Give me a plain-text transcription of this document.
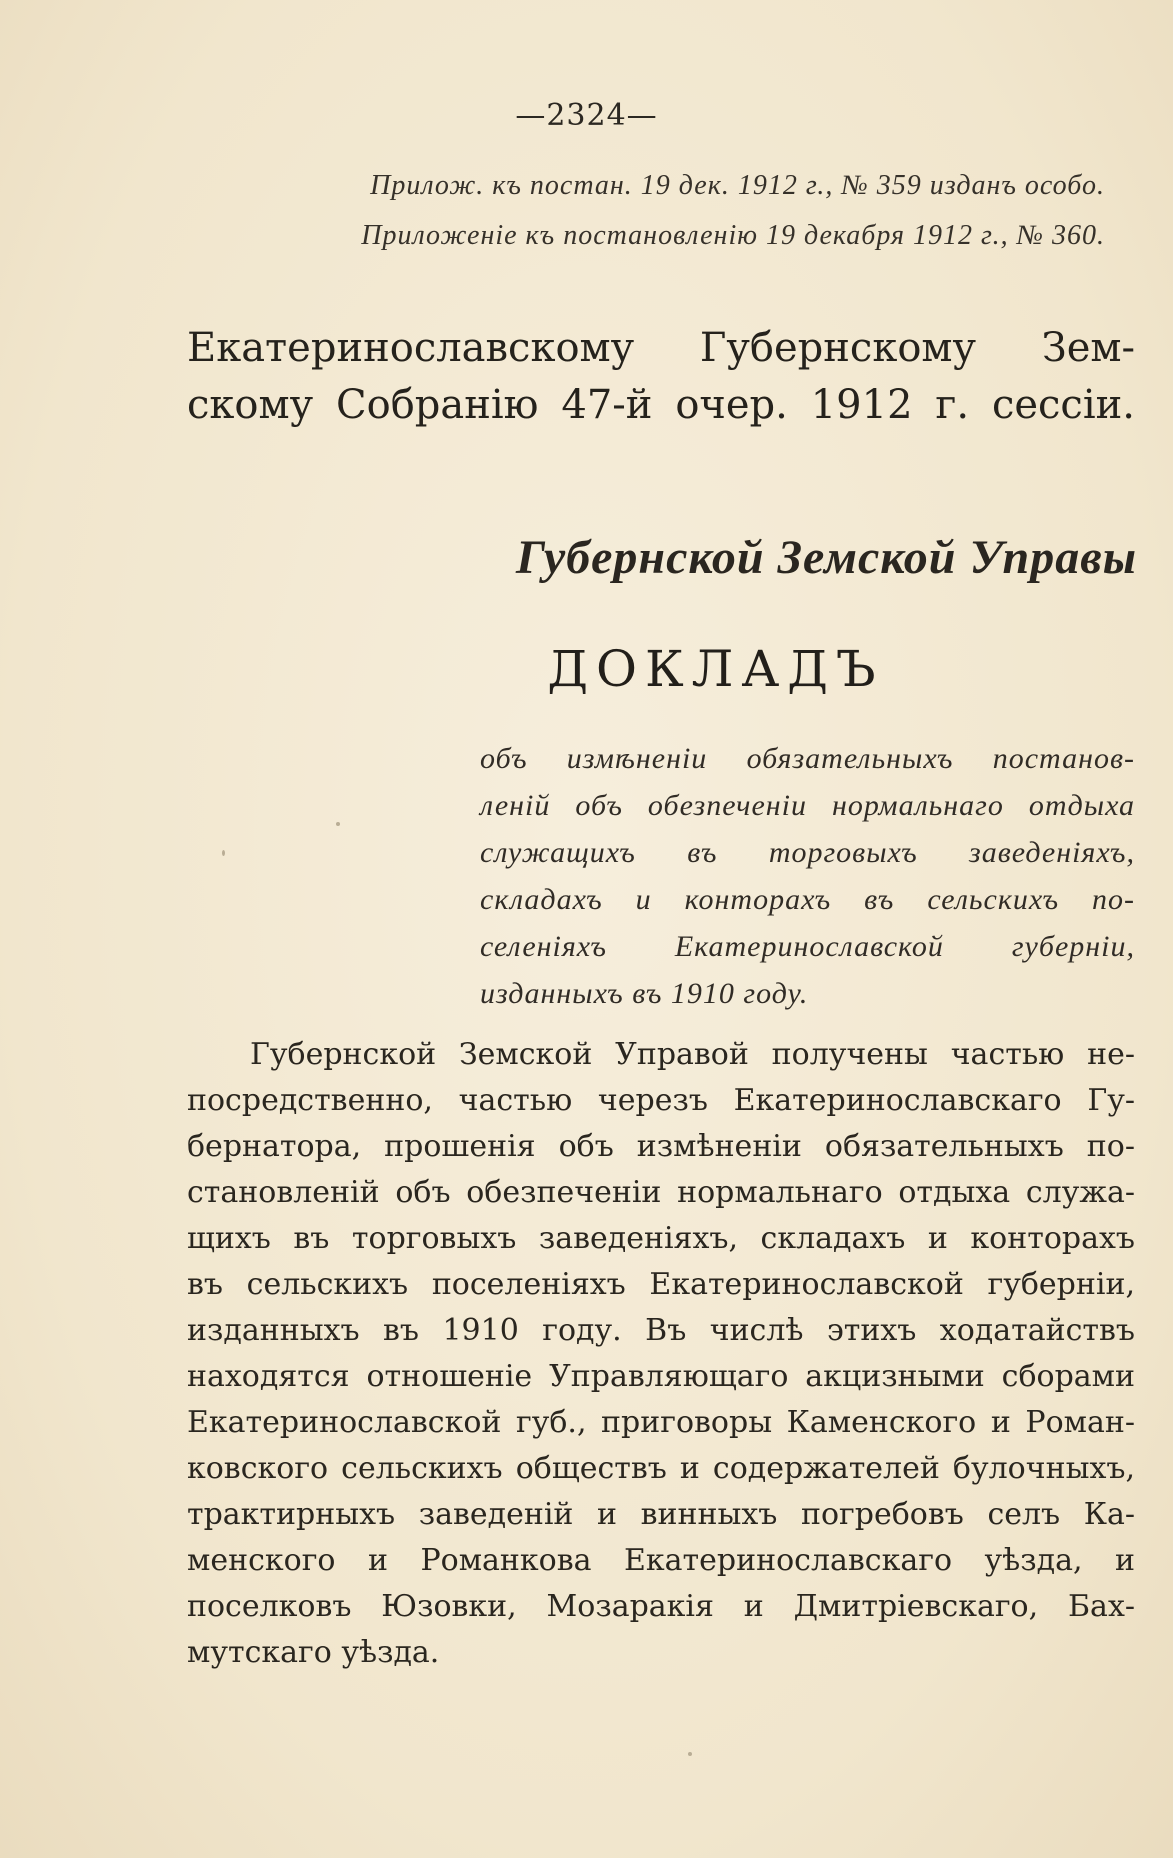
—2324—
Прилож. къ постан. 19 дек. 1912 г., № 359 изданъ особо.
Приложеніе къ постановленію 19 декабря 1912 г., № 360.
Екатеринославскому Губернскому Зем-
скому Собранію 47-й очер. 1912 г. сессіи.
Губернской Земской Управы
ДОКЛАДЪ
объ измѣненіи обязательныхъ постанов-
леній объ обезпеченіи нормальнаго отдыха
служащихъ въ торговыхъ заведеніяхъ,
складахъ и конторахъ въ сельскихъ по-
селеніяхъ Екатеринославской губерніи,
изданныхъ въ 1910 году.
Губернской Земской Управой получены частью не-
посредственно, частью черезъ Екатеринославскаго Гу-
бернатора, прошенія объ измѣненіи обязательныхъ по-
становленій объ обезпеченіи нормальнаго отдыха служа-
щихъ въ торговыхъ заведеніяхъ, складахъ и конторахъ
въ сельскихъ поселеніяхъ Екатеринославской губерніи,
изданныхъ въ 1910 году. Въ числѣ этихъ ходатайствъ
находятся отношеніе Управляющаго акцизными сборами
Екатеринославской губ., приговоры Каменского и Роман-
ковского сельскихъ обществъ и содержателей булочныхъ,
трактирныхъ заведеній и винныхъ погребовъ селъ Ка-
менского и Романкова Екатеринославскаго уѣзда, и
поселковъ Юзовки, Мозаракія и Дмитріевскаго, Бах-
мутскаго уѣзда.
